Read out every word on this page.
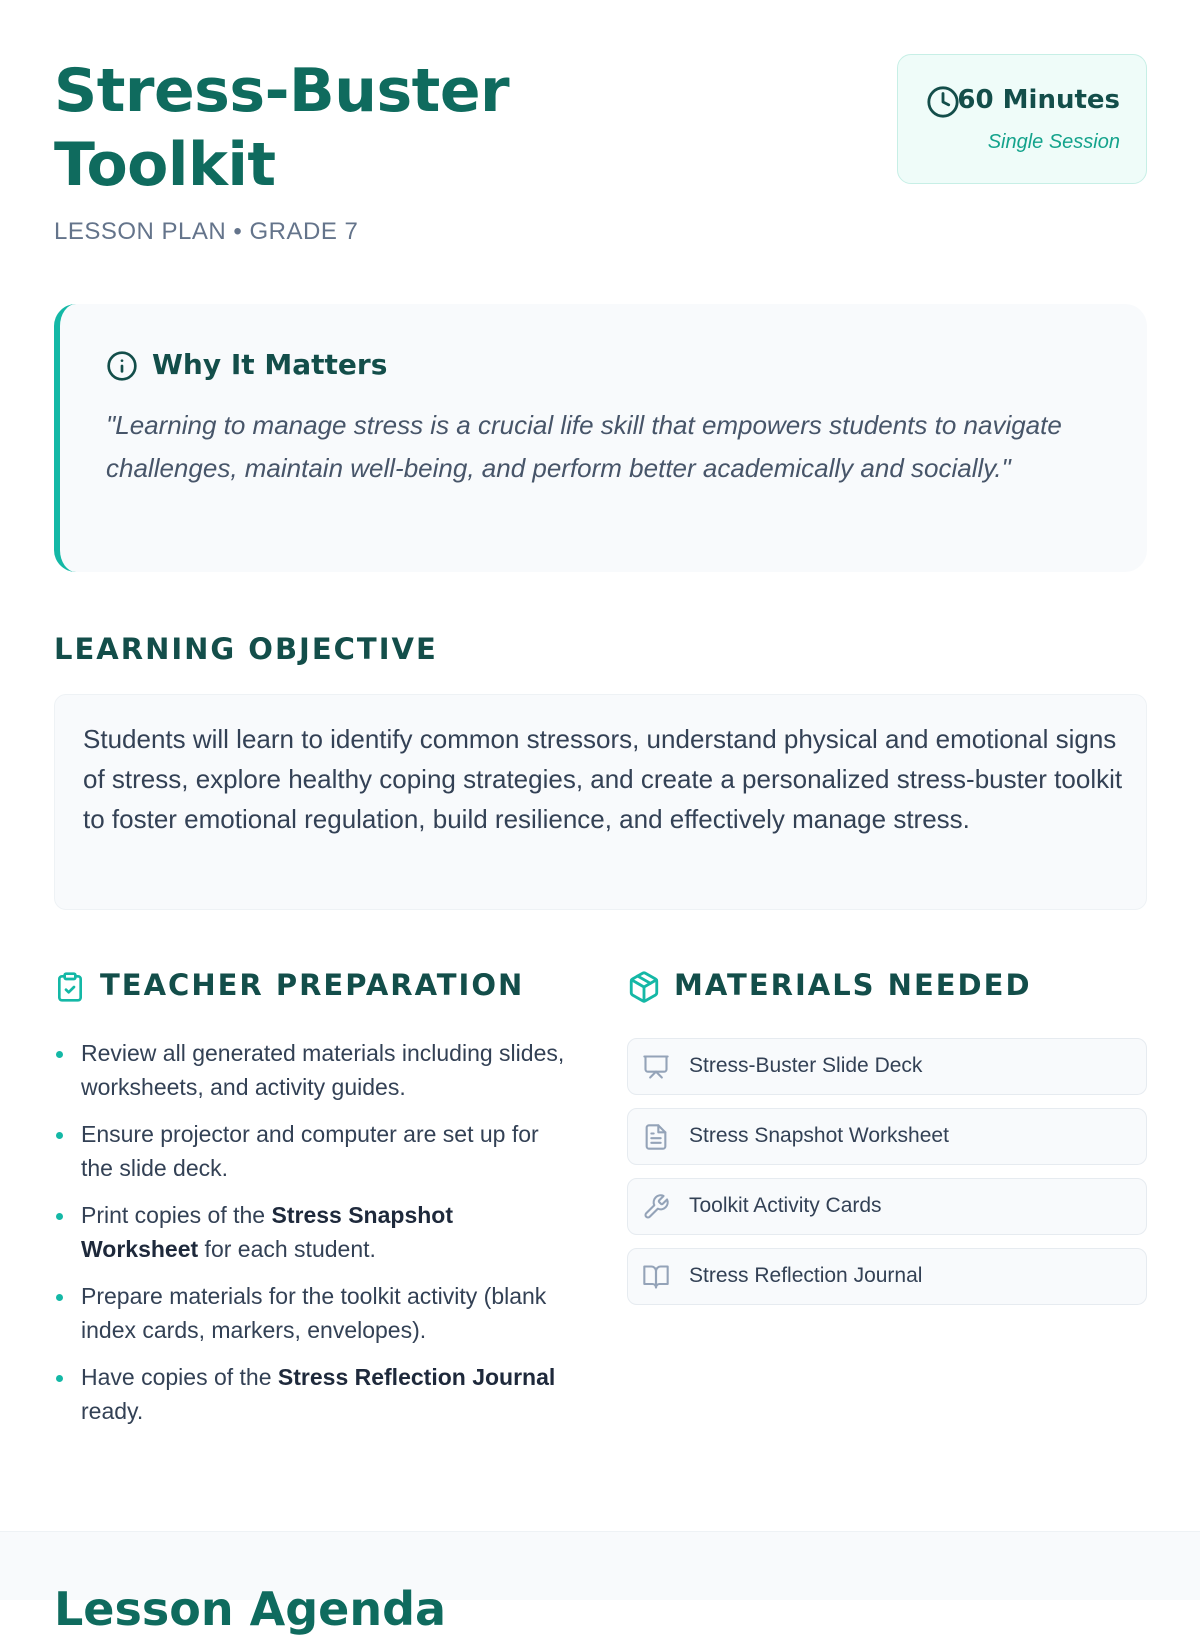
Stress-Buster
Toolkit
LESSON PLAN • GRADE 7
60 Minutes
Single Session
Why It Matters
"Learning to manage stress is a crucial life skill that empowers students to navigate challenges, maintain well-being, and perform better academically and socially."
LEARNING OBJECTIVE

Students will learn to identify common stressors, understand physical and emotional signs of stress, explore healthy coping strategies, and create a personalized stress-buster toolkit to foster emotional regulation, build resilience, and effectively manage stress.

TEACHER PREPARATION
Review all generated materials including slides, worksheets, and activity guides.
Ensure projector and computer are set up for the slide deck.
Print copies of the Stress Snapshot Worksheet for each student.
Prepare materials for the toolkit activity (blank index cards, markers, envelopes).
Have copies of the Stress Reflection Journal ready.
MATERIALS NEEDED
Stress-Buster Slide Deck
Stress Snapshot Worksheet
Toolkit Activity Cards
Stress Reflection Journal
Lesson Agenda
